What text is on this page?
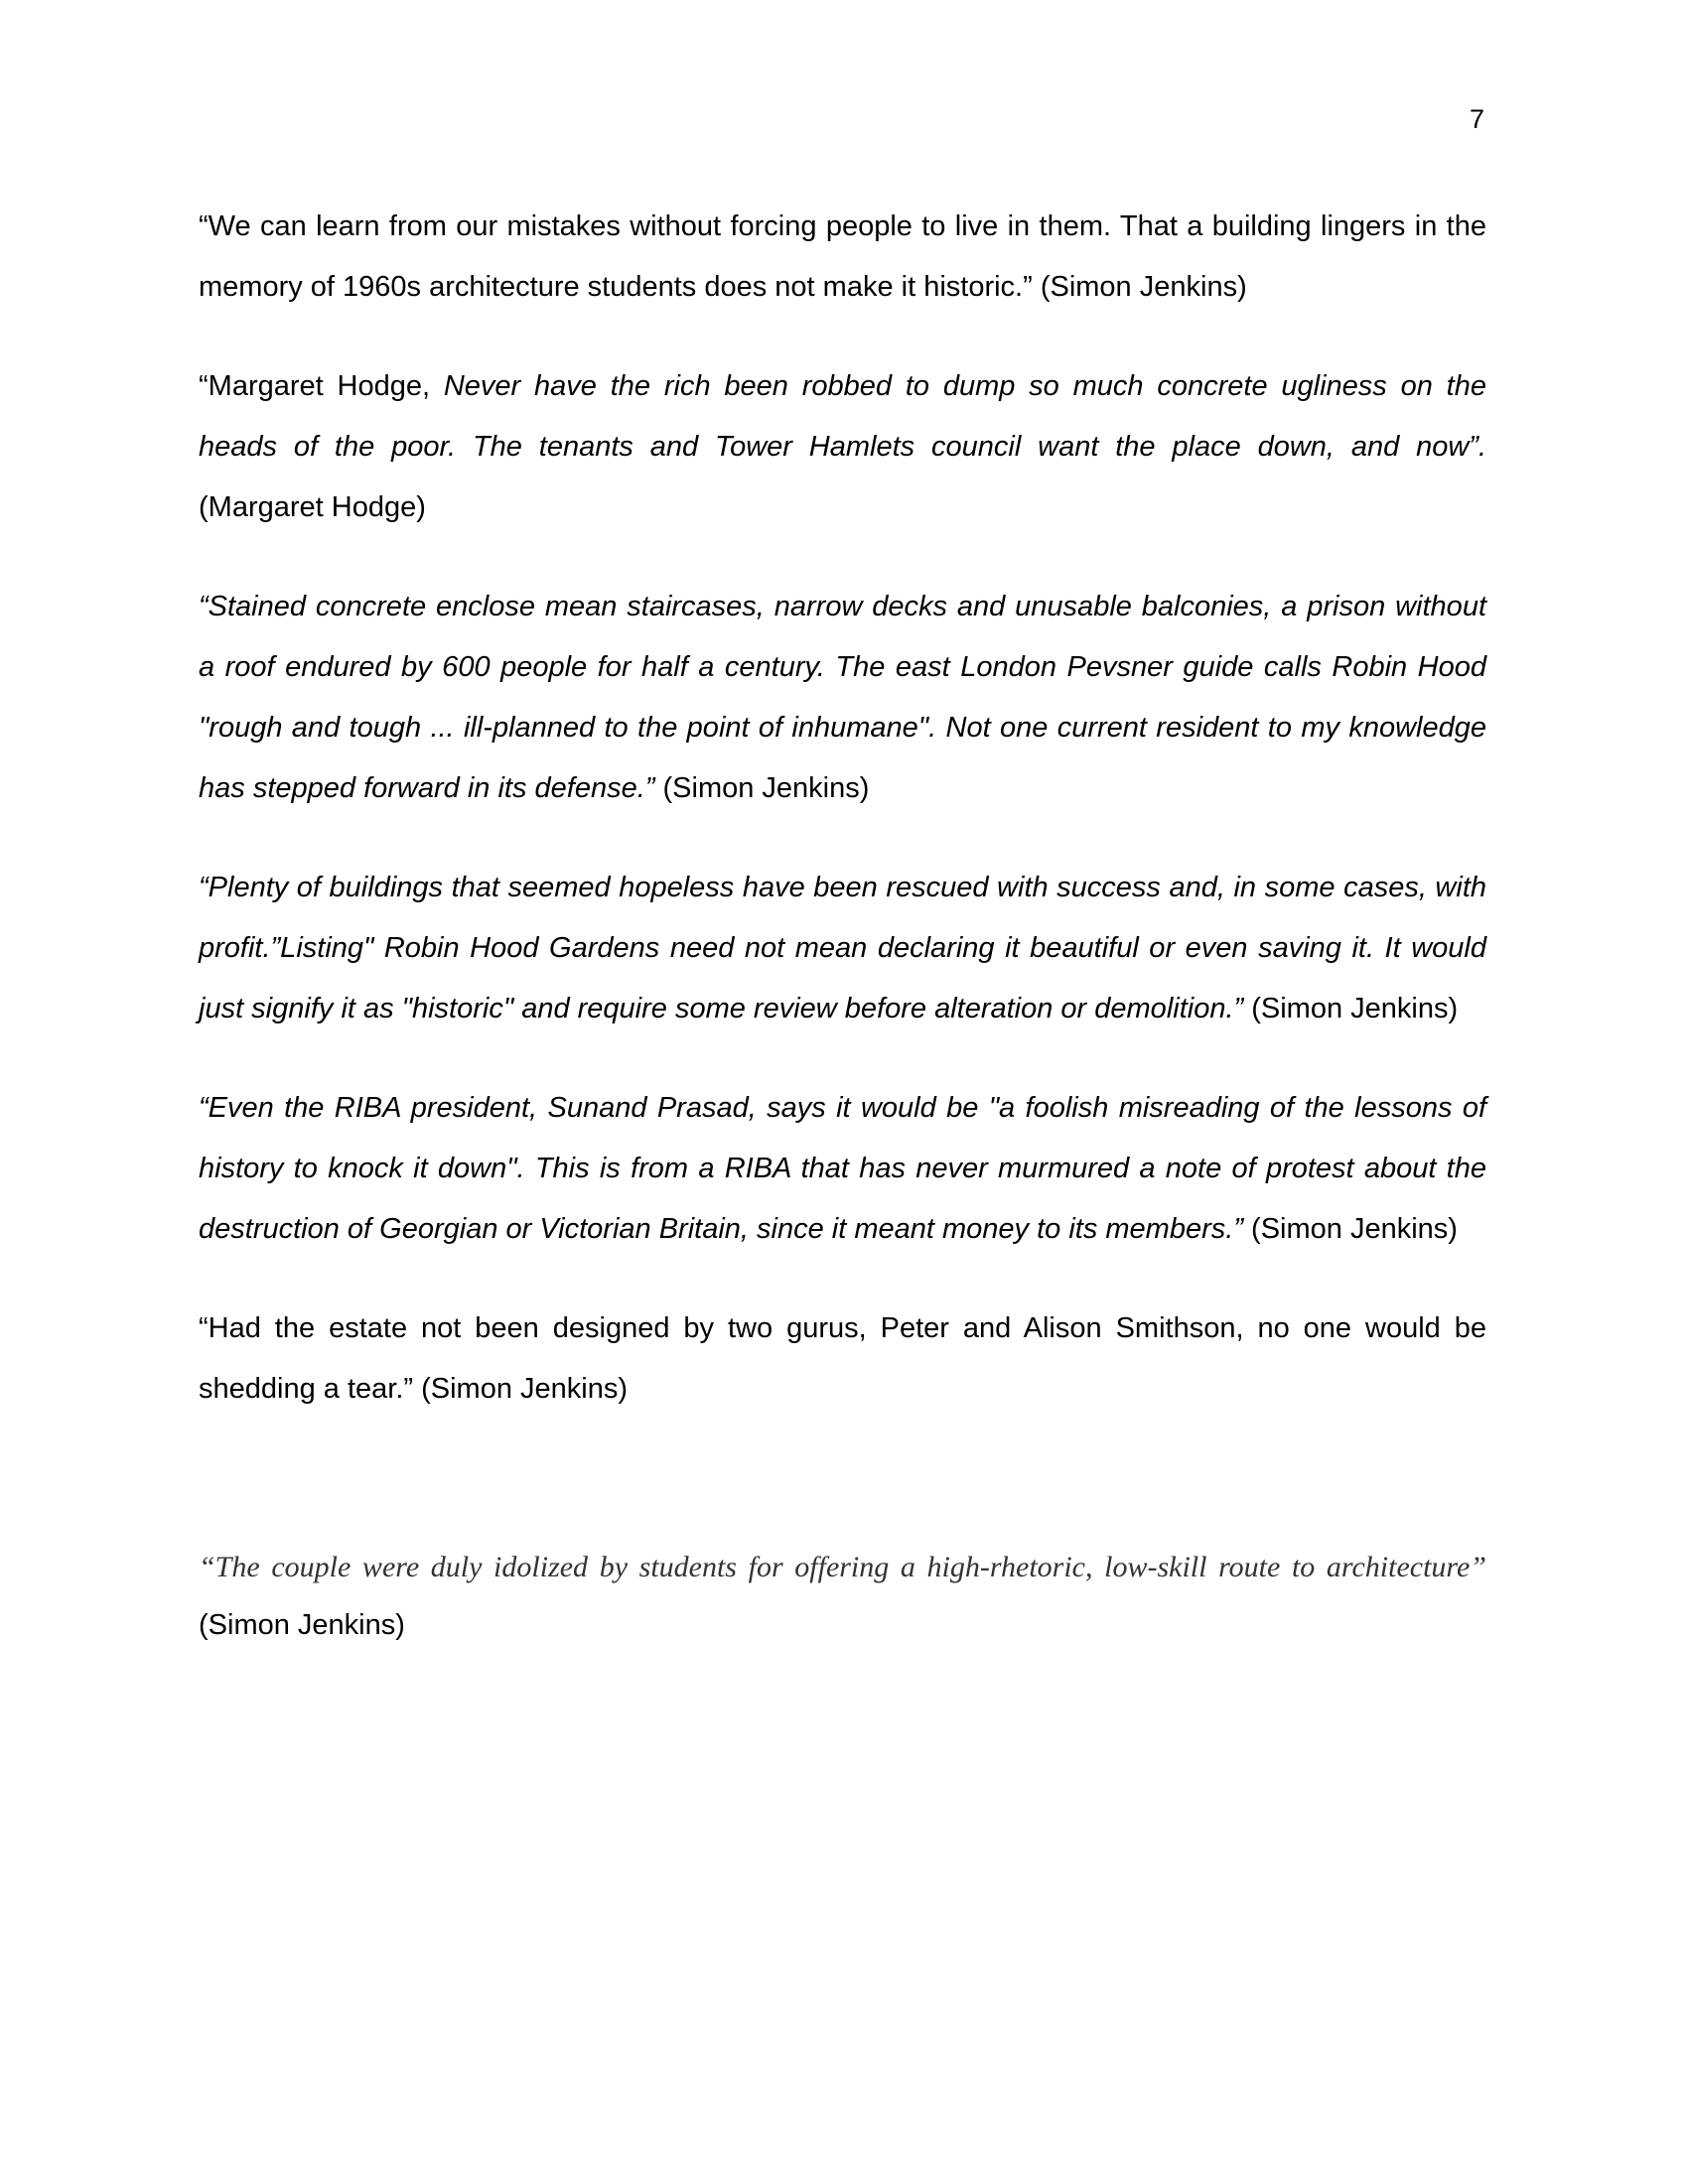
7

“We can learn from our mistakes without forcing people to live in them. That a building lingers in the memory of 1960s architecture students does not make it historic.” (Simon Jenkins)

“Margaret Hodge, Never have the rich been robbed to dump so much concrete ugliness on the heads of the poor. The tenants and Tower Hamlets council want the place down, and now”. (Margaret Hodge)

“Stained concrete enclose mean staircases, narrow decks and unusable balconies, a prison without a roof endured by 600 people for half a century. The east London Pevsner guide calls Robin Hood "rough and tough ... ill-planned to the point of inhumane". Not one current resident to my knowledge has stepped forward in its defense.” (Simon Jenkins)

“Plenty of buildings that seemed hopeless have been rescued with success and, in some cases, with profit.”Listing" Robin Hood Gardens need not mean declaring it beautiful or even saving it. It would just signify it as "historic" and require some review before alteration or demolition.” (Simon Jenkins)

“Even the RIBA president, Sunand Prasad, says it would be "a foolish misreading of the lessons of history to knock it down". This is from a RIBA that has never murmured a note of protest about the destruction of Georgian or Victorian Britain, since it meant money to its members.” (Simon Jenkins)

“Had the estate not been designed by two gurus, Peter and Alison Smithson, no one would be shedding a tear.” (Simon Jenkins)

“The couple were duly idolized by students for offering a high-rhetoric, low-skill route to architecture” (Simon Jenkins)
